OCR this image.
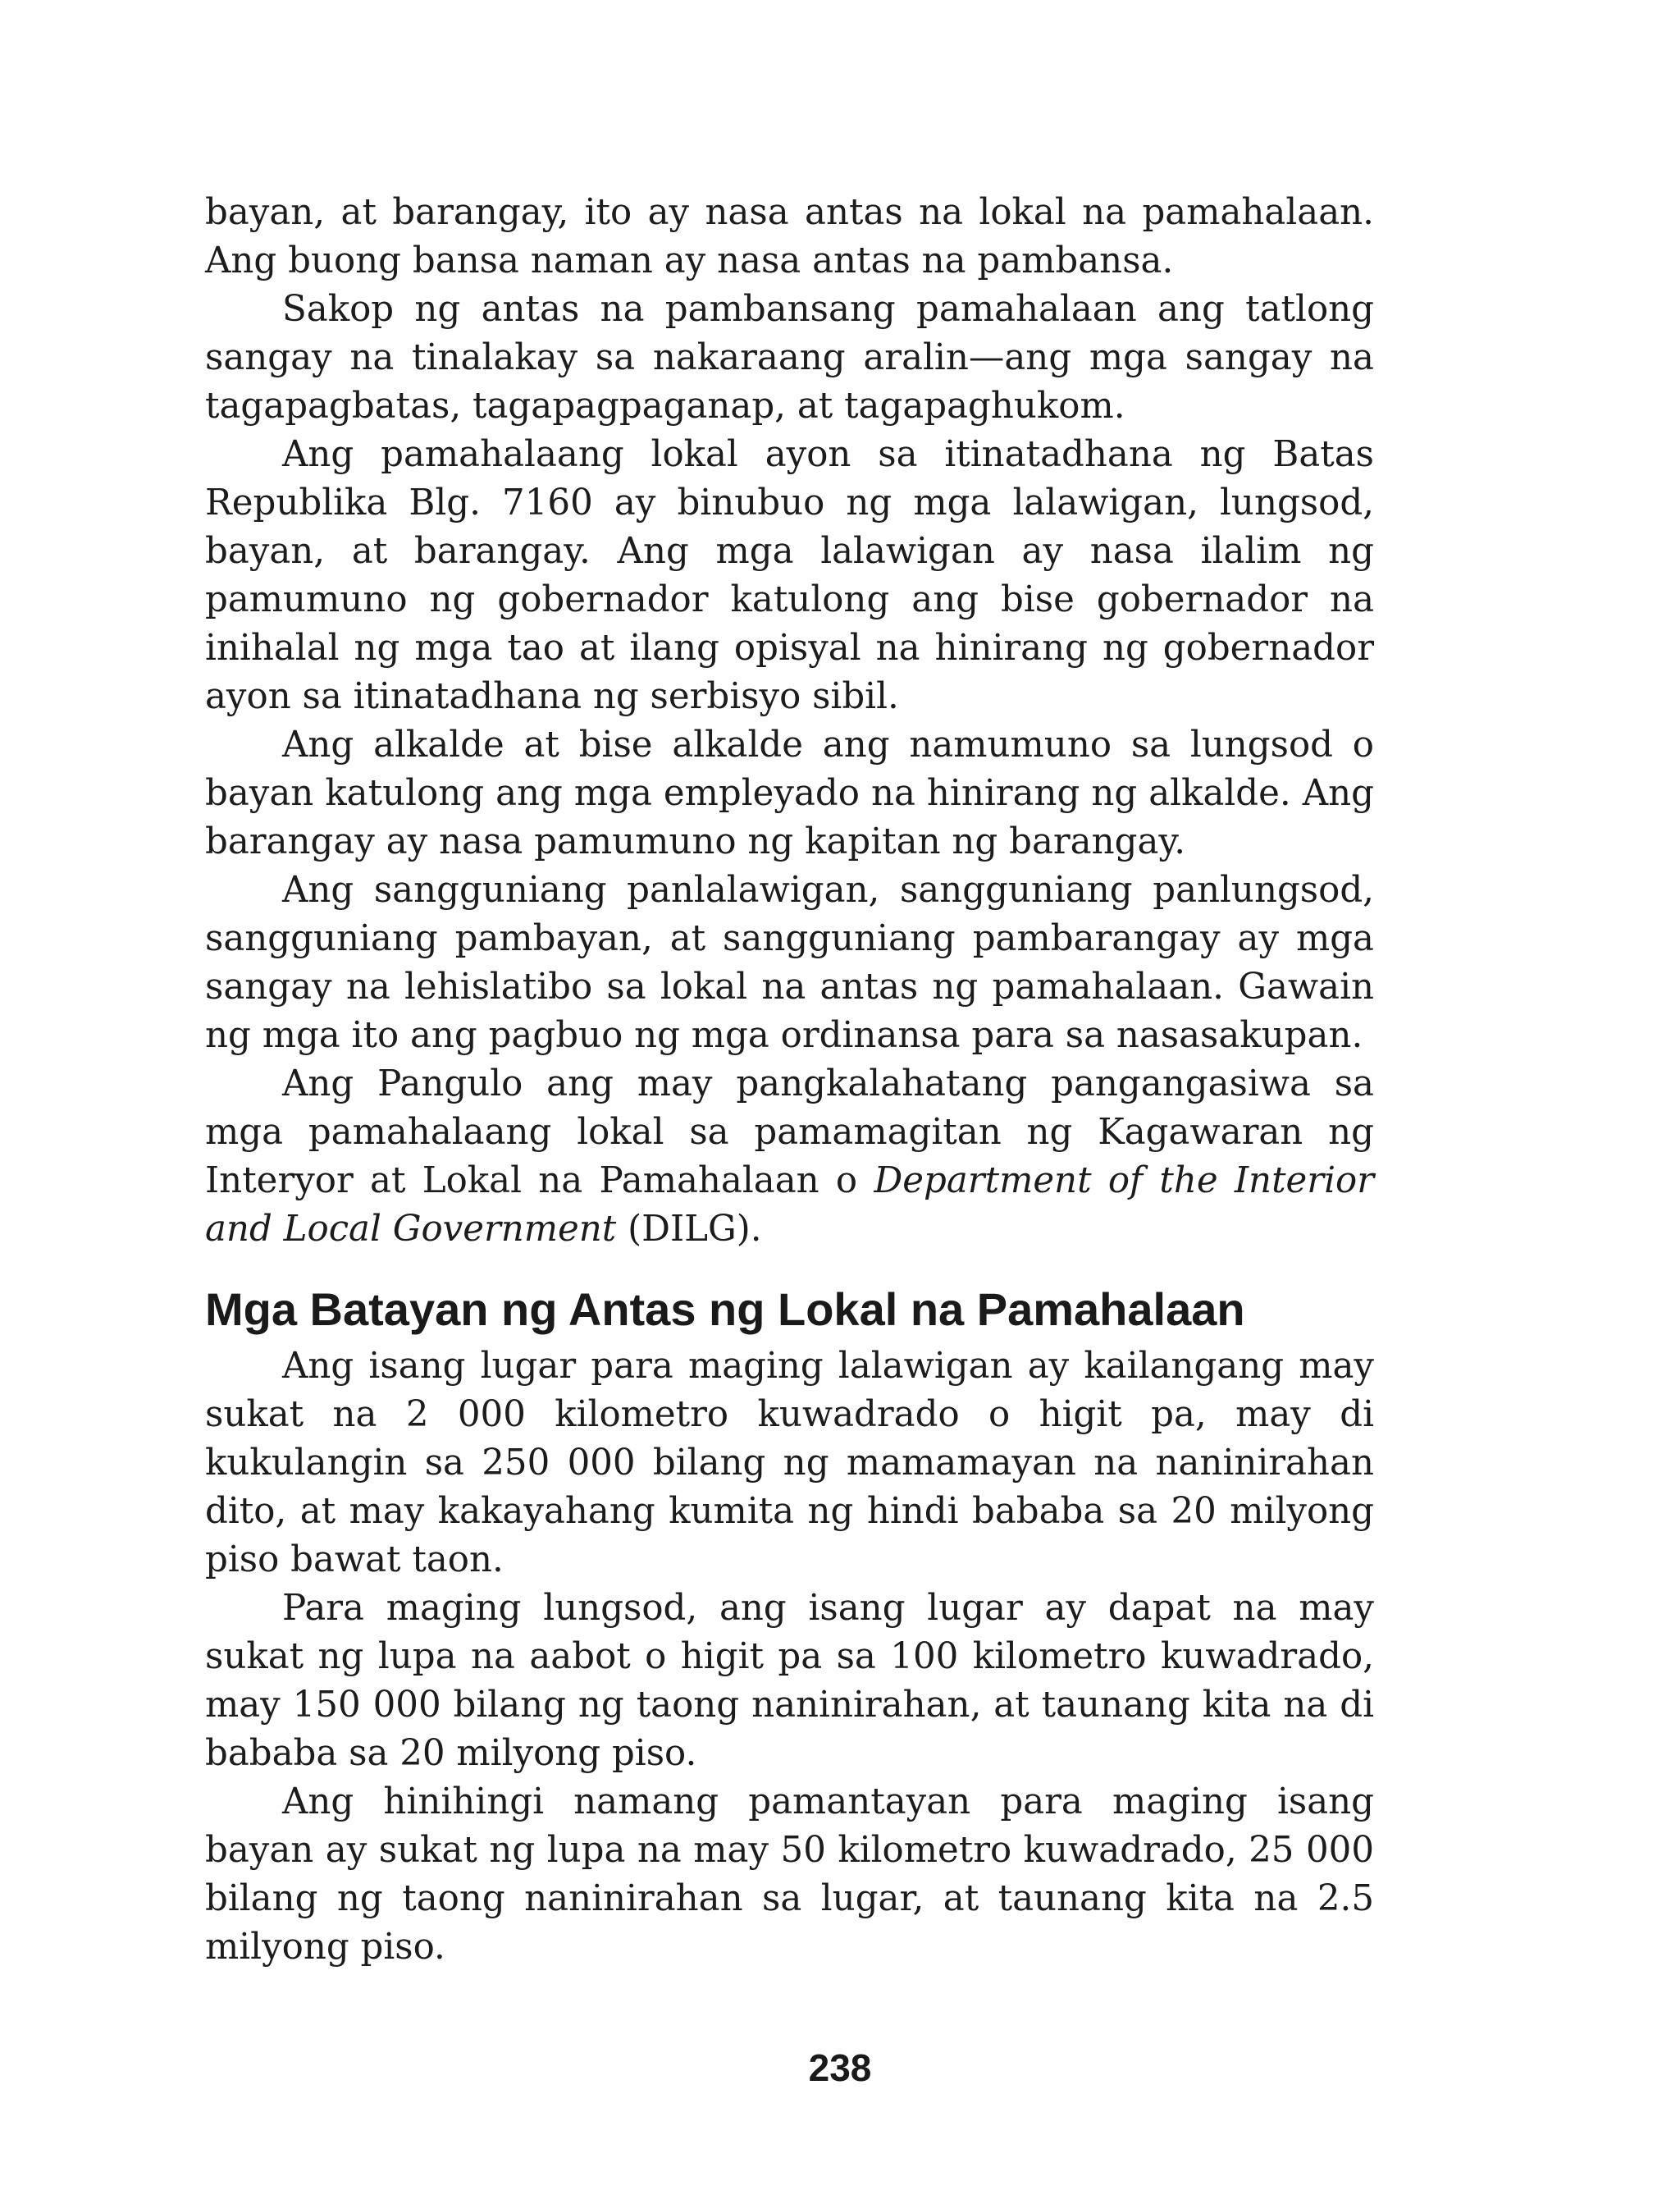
bayan, at barangay, ito ay nasa antas na lokal na pamahalaan. Ang buong bansa naman ay nasa antas na pambansa.

Sakop ng antas na pambansang pamahalaan ang tatlong sangay na tinalakay sa nakaraang aralin—ang mga sangay na tagapagbatas, tagapagpaganap, at tagapaghukom.

Ang pamahalaang lokal ayon sa itinatadhana ng Batas Republika Blg. 7160 ay binubuo ng mga lalawigan, lungsod, bayan, at barangay. Ang mga lalawigan ay nasa ilalim ng pamumuno ng gobernador katulong ang bise gobernador na inihalal ng mga tao at ilang opisyal na hinirang ng gobernador ayon sa itinatadhana ng serbisyo sibil.

Ang alkalde at bise alkalde ang namumuno sa lungsod o bayan katulong ang mga empleyado na hinirang ng alkalde. Ang barangay ay nasa pamumuno ng kapitan ng barangay.

Ang sangguniang panlalawigan, sangguniang panlungsod, sangguniang pambayan, at sangguniang pambarangay ay mga sangay na lehislatibo sa lokal na antas ng pamahalaan. Gawain ng mga ito ang pagbuo ng mga ordinansa para sa nasasakupan.

Ang Pangulo ang may pangkalahatang pangangasiwa sa mga pamahalaang lokal sa pamamagitan ng Kagawaran ng Interyor at Lokal na Pamahalaan o Department of the Interior and Local Government (DILG).

Mga Batayan ng Antas ng Lokal na Pamahalaan

Ang isang lugar para maging lalawigan ay kailangang may sukat na 2 000 kilometro kuwadrado o higit pa, may di kukulangin sa 250 000 bilang ng mamamayan na naninirahan dito, at may kakayahang kumita ng hindi bababa sa 20 milyong piso bawat taon.

Para maging lungsod, ang isang lugar ay dapat na may sukat ng lupa na aabot o higit pa sa 100 kilometro kuwadrado, may 150 000 bilang ng taong naninirahan, at taunang kita na di bababa sa 20 milyong piso.

Ang hinihingi namang pamantayan para maging isang bayan ay sukat ng lupa na may 50 kilometro kuwadrado, 25 000 bilang ng taong naninirahan sa lugar, at taunang kita na 2.5 milyong piso.

238
